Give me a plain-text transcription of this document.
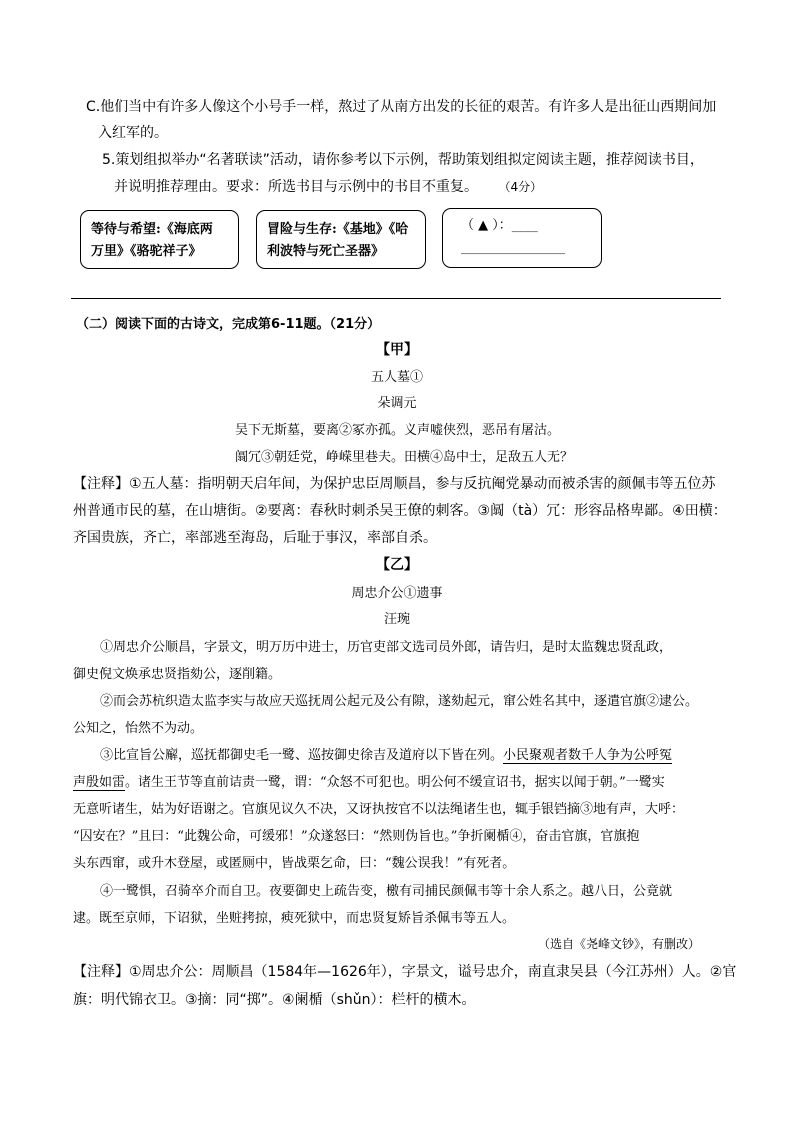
C.他们当中有许多人像这个小号手一样，熬过了从南方出发的长征的艰苦。有许多人是出征山西期间加
入红军的。
5.策划组拟举办“名著联读”活动，请你参考以下示例，帮助策划组拟定阅读主题，推荐阅读书目，
并说明推荐理由。要求：所选书目与示例中的书目不重复。 （4分）
等待与希望:《海底两
万里》《骆驼祥子》
冒险与生存:《基地》《哈
利波特与死亡圣器》
（ ▲ ）：____
________________
（二）阅读下面的古诗文，完成第6-11题。（21分）
【甲】
五人墓①
朵调元
吴下无斯墓，要离②冢亦孤。义声嘘侠烈，恶吊有屠沽。
阘冗③朝廷党，峥嵘里巷夫。田横④岛中士，足敌五人无？
【注释】①五人墓：指明朝天启年间，为保护忠臣周顺昌，参与反抗阉党暴动而被杀害的颜佩韦等五位苏
州普通市民的墓，在山塘街。②要离：春秋时刺杀吴王僚的刺客。③阘（tà）冗：形容品格卑鄙。④田横：
齐国贵族，齐亡，率部逃至海岛，后耻于事汉，率部自杀。
【乙】
周忠介公①遗事
汪琬
①周忠介公顺昌，字景文，明万历中进士，历官吏部文选司员外郎，请告归，是时太监魏忠贤乱政，
御史倪文焕承忠贤指劾公，逐削籍。
②而会苏杭织造太监李实与故应天巡抚周公起元及公有隙，遂劾起元，窜公姓名其中，逐遣官旗②逮公。
公知之，怡然不为动。
③比宣旨公廨，巡抚都御史毛一鹭、巡按御史徐吉及道府以下皆在列。小民聚观者数千人争为公呼冤
声殷如雷。诸生王节等直前诘责一鹭，谓：“众怒不可犯也。明公何不缓宣诏书，据实以闻于朝。”一鹭实
无意听诸生，姑为好语谢之。官旗见议久不决，又讶执按官不以法绳诸生也，辄手银铛摘③地有声，大呼：
“囚安在？”且曰：“此魏公命，可缓邪！”众遂怒曰：“然则伪旨也。”争折阑楯④，奋击官旗，官旗抱
头东西窜，或升木登屋，或匿厕中，皆战栗乞命，曰：“魏公误我！”有死者。
④一鹭惧，召骑卒介而自卫。夜要御史上疏告变，檄有司捕民颜佩韦等十余人系之。越八日，公竟就
逮。既至京师，下诏狱，坐赃拷掠，瘐死狱中，而忠贤复矫旨杀佩韦等五人。
（选自《尧峰文钞》，有删改）
【注释】①周忠介公：周顺昌（1584年—1626年），字景文，谥号忠介，南直隶吴县（今江苏州）人。②官
旗：明代锦衣卫。③摘：同“掷”。④阑楯（shǔn）：栏杆的横木。
